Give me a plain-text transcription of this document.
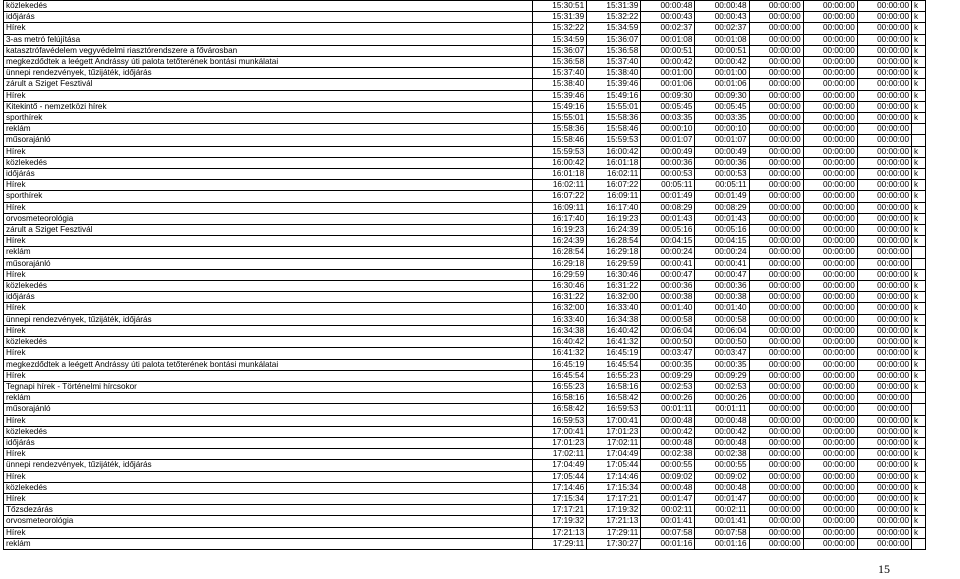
közlekedés	15:30:51	15:31:39	00:00:48	00:00:48	00:00:00	00:00:00	00:00:00	k
időjárás	15:31:39	15:32:22	00:00:43	00:00:43	00:00:00	00:00:00	00:00:00	k
Hírek	15:32:22	15:34:59	00:02:37	00:02:37	00:00:00	00:00:00	00:00:00	k
3-as metró felújítása	15:34:59	15:36:07	00:01:08	00:01:08	00:00:00	00:00:00	00:00:00	k
katasztrófavédelem vegyvédelmi riasztórendszere a fővárosban	15:36:07	15:36:58	00:00:51	00:00:51	00:00:00	00:00:00	00:00:00	k
megkezdődtek a leégett Andrássy úti palota tetőterének bontási munkálatai	15:36:58	15:37:40	00:00:42	00:00:42	00:00:00	00:00:00	00:00:00	k
ünnepi rendezvények, tűzijáték, időjárás	15:37:40	15:38:40	00:01:00	00:01:00	00:00:00	00:00:00	00:00:00	k
zárult a Sziget Fesztivál	15:38:40	15:39:46	00:01:06	00:01:06	00:00:00	00:00:00	00:00:00	k
Hírek	15:39:46	15:49:16	00:09:30	00:09:30	00:00:00	00:00:00	00:00:00	k
Kitekintő - nemzetközi hírek	15:49:16	15:55:01	00:05:45	00:05:45	00:00:00	00:00:00	00:00:00	k
sporthírek	15:55:01	15:58:36	00:03:35	00:03:35	00:00:00	00:00:00	00:00:00	k
reklám	15:58:36	15:58:46	00:00:10	00:00:10	00:00:00	00:00:00	00:00:00	
műsorajánló	15:58:46	15:59:53	00:01:07	00:01:07	00:00:00	00:00:00	00:00:00	
Hírek	15:59:53	16:00:42	00:00:49	00:00:49	00:00:00	00:00:00	00:00:00	k
közlekedés	16:00:42	16:01:18	00:00:36	00:00:36	00:00:00	00:00:00	00:00:00	k
időjárás	16:01:18	16:02:11	00:00:53	00:00:53	00:00:00	00:00:00	00:00:00	k
Hírek	16:02:11	16:07:22	00:05:11	00:05:11	00:00:00	00:00:00	00:00:00	k
sporthírek	16:07:22	16:09:11	00:01:49	00:01:49	00:00:00	00:00:00	00:00:00	k
Hírek	16:09:11	16:17:40	00:08:29	00:08:29	00:00:00	00:00:00	00:00:00	k
orvosmeteorológia	16:17:40	16:19:23	00:01:43	00:01:43	00:00:00	00:00:00	00:00:00	k
zárult a Sziget Fesztivál	16:19:23	16:24:39	00:05:16	00:05:16	00:00:00	00:00:00	00:00:00	k
Hírek	16:24:39	16:28:54	00:04:15	00:04:15	00:00:00	00:00:00	00:00:00	k
reklám	16:28:54	16:29:18	00:00:24	00:00:24	00:00:00	00:00:00	00:00:00	
műsorajánló	16:29:18	16:29:59	00:00:41	00:00:41	00:00:00	00:00:00	00:00:00	
Hírek	16:29:59	16:30:46	00:00:47	00:00:47	00:00:00	00:00:00	00:00:00	k
közlekedés	16:30:46	16:31:22	00:00:36	00:00:36	00:00:00	00:00:00	00:00:00	k
időjárás	16:31:22	16:32:00	00:00:38	00:00:38	00:00:00	00:00:00	00:00:00	k
Hírek	16:32:00	16:33:40	00:01:40	00:01:40	00:00:00	00:00:00	00:00:00	k
ünnepi rendezvények, tűzijáték, időjárás	16:33:40	16:34:38	00:00:58	00:00:58	00:00:00	00:00:00	00:00:00	k
Hírek	16:34:38	16:40:42	00:06:04	00:06:04	00:00:00	00:00:00	00:00:00	k
közlekedés	16:40:42	16:41:32	00:00:50	00:00:50	00:00:00	00:00:00	00:00:00	k
Hírek	16:41:32	16:45:19	00:03:47	00:03:47	00:00:00	00:00:00	00:00:00	k
megkezdődtek a leégett Andrássy úti palota tetőterének bontási munkálatai	16:45:19	16:45:54	00:00:35	00:00:35	00:00:00	00:00:00	00:00:00	k
Hírek	16:45:54	16:55:23	00:09:29	00:09:29	00:00:00	00:00:00	00:00:00	k
Tegnapi hírek - Történelmi hírcsokor	16:55:23	16:58:16	00:02:53	00:02:53	00:00:00	00:00:00	00:00:00	k
reklám	16:58:16	16:58:42	00:00:26	00:00:26	00:00:00	00:00:00	00:00:00	
műsorajánló	16:58:42	16:59:53	00:01:11	00:01:11	00:00:00	00:00:00	00:00:00	
Hírek	16:59:53	17:00:41	00:00:48	00:00:48	00:00:00	00:00:00	00:00:00	k
közlekedés	17:00:41	17:01:23	00:00:42	00:00:42	00:00:00	00:00:00	00:00:00	k
időjárás	17:01:23	17:02:11	00:00:48	00:00:48	00:00:00	00:00:00	00:00:00	k
Hírek	17:02:11	17:04:49	00:02:38	00:02:38	00:00:00	00:00:00	00:00:00	k
ünnepi rendezvények, tűzijáték, időjárás	17:04:49	17:05:44	00:00:55	00:00:55	00:00:00	00:00:00	00:00:00	k
Hírek	17:05:44	17:14:46	00:09:02	00:09:02	00:00:00	00:00:00	00:00:00	k
közlekedés	17:14:46	17:15:34	00:00:48	00:00:48	00:00:00	00:00:00	00:00:00	k
Hírek	17:15:34	17:17:21	00:01:47	00:01:47	00:00:00	00:00:00	00:00:00	k
Tőzsdezárás	17:17:21	17:19:32	00:02:11	00:02:11	00:00:00	00:00:00	00:00:00	k
orvosmeteorológia	17:19:32	17:21:13	00:01:41	00:01:41	00:00:00	00:00:00	00:00:00	k
Hírek	17:21:13	17:29:11	00:07:58	00:07:58	00:00:00	00:00:00	00:00:00	k
reklám	17:29:11	17:30:27	00:01:16	00:01:16	00:00:00	00:00:00	00:00:00	
15
